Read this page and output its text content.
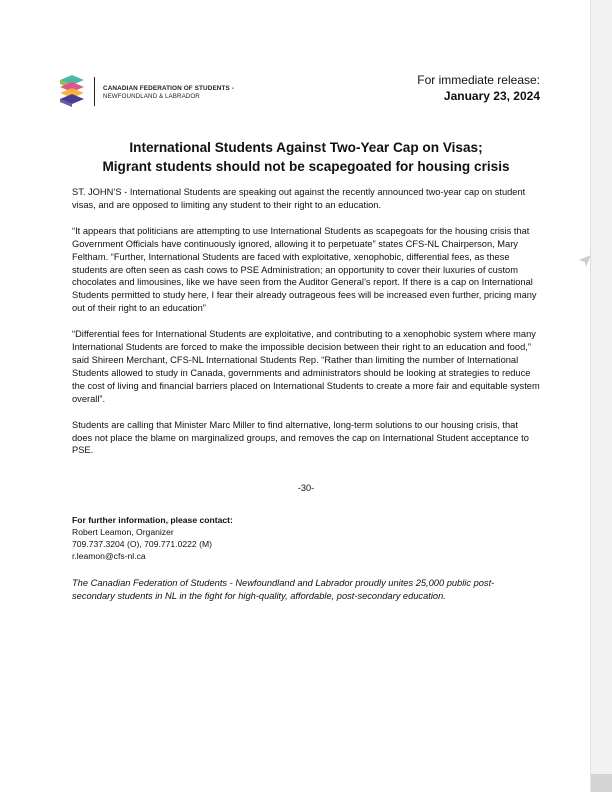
CANADIAN FEDERATION OF STUDENTS -
NEWFOUNDLAND & LABRADOR
For immediate release:
January 23, 2024
International Students Against Two-Year Cap on Visas;
Migrant students should not be scapegoated for housing crisis

ST. JOHN’S - International Students are speaking out against the recently announced two-year cap on student visas, and are opposed to limiting any student to their right to an education.

“It appears that politicians are attempting to use International Students as scapegoats for the housing crisis that Government Officials have continuously ignored, allowing it to perpetuate” states CFS-NL Chairperson, Mary Feltham. “Further, International Students are faced with exploitative, xenophobic, differential fees, as these students are often seen as cash cows to PSE Administration; an opportunity to cover their luxuries of custom chocolates and limousines, like we have seen from the Auditor General’s report. If there is a cap on International Students permitted to study here, I fear their already outrageous fees will be increased even further, pricing many out of their right to an education”

“Differential fees for International Students are exploitative, and contributing to a xenophobic system where many International Students are forced to make the impossible decision between their right to an education and food,” said Shireen Merchant, CFS-NL International Students Rep. “Rather than limiting the number of International Students allowed to study in Canada, governments and administrators should be looking at strategies to reduce the cost of living and financial barriers placed on International Students to create a more fair and equitable system overall”.

Students are calling that Minister Marc Miller to find alternative, long-term solutions to our housing crisis, that does not place the blame on marginalized groups, and removes the cap on International Student acceptance to PSE.

-30-
For further information, please contact:
Robert Leamon, Organizer
709.737.3204 (O), 709.771.0222 (M)
r.leamon@cfs-nl.ca
The Canadian Federation of Students - Newfoundland and Labrador proudly unites 25,000 public post-secondary students in NL in the fight for high-quality, affordable, post-secondary education.
